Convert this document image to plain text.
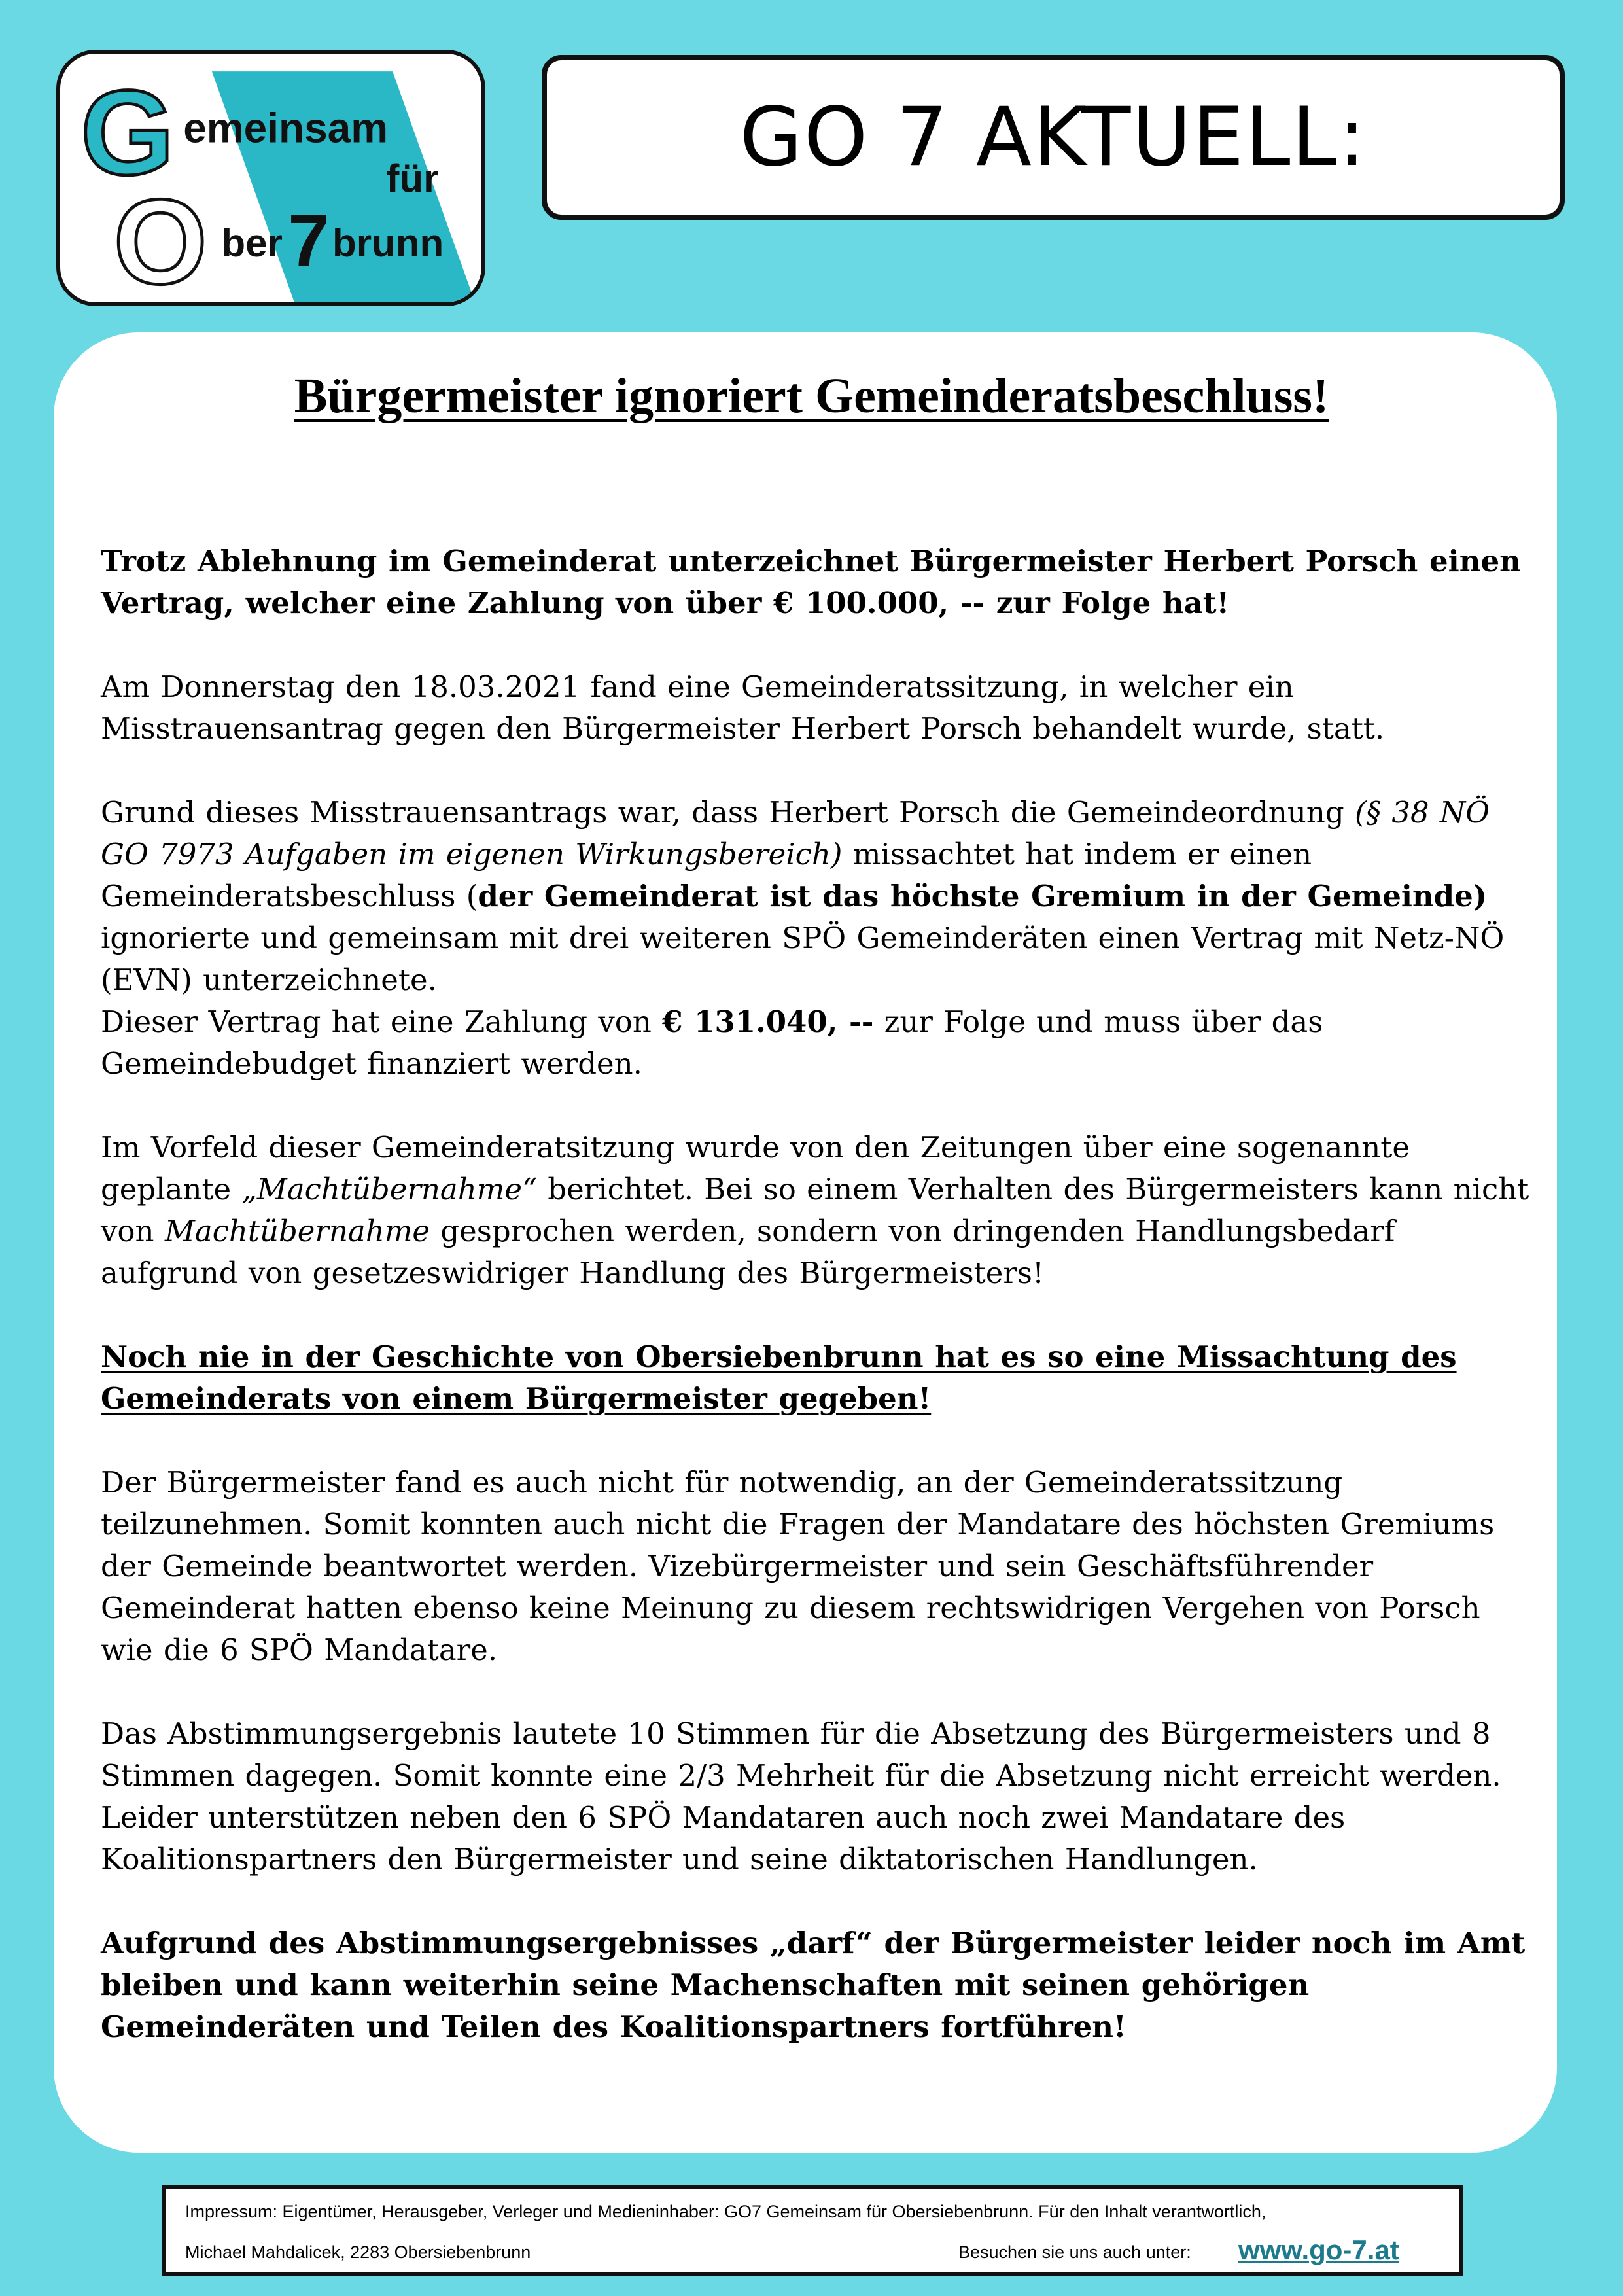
G
O
emeinsam
für
ber 7 brunn
GO 7 AKTUELL:
Bürgermeister ignoriert Gemeinderatsbeschluss!

Trotz Ablehnung im Gemeinderat unterzeichnet Bürgermeister Herbert Porsch einen Vertrag, welcher eine Zahlung von über € 100.000, -- zur Folge hat!

Am Donnerstag den 18.03.2021 fand eine Gemeinderatssitzung, in welcher ein Misstrauensantrag gegen den Bürgermeister Herbert Porsch behandelt wurde, statt.

Grund dieses Misstrauensantrags war, dass Herbert Porsch die Gemeindeordnung (§ 38 NÖ GO 7973 Aufgaben im eigenen Wirkungsbereich) missachtet hat indem er einen Gemeinderatsbeschluss (der Gemeinderat ist das höchste Gremium in der Gemeinde) ignorierte und gemeinsam mit drei weiteren SPÖ Gemeinderäten einen Vertrag mit Netz-NÖ (EVN) unterzeichnete.

Dieser Vertrag hat eine Zahlung von € 131.040, -- zur Folge und muss über das Gemeindebudget finanziert werden.

Im Vorfeld dieser Gemeinderatsitzung wurde von den Zeitungen über eine sogenannte geplante „Machtübernahme“ berichtet. Bei so einem Verhalten des Bürgermeisters kann nicht von Machtübernahme gesprochen werden, sondern von dringenden Handlungsbedarf aufgrund von gesetzeswidriger Handlung des Bürgermeisters!

Noch nie in der Geschichte von Obersiebenbrunn hat es so eine Missachtung des Gemeinderats von einem Bürgermeister gegeben!

Der Bürgermeister fand es auch nicht für notwendig, an der Gemeinderatssitzung teilzunehmen. Somit konnten auch nicht die Fragen der Mandatare des höchsten Gremiums der Gemeinde beantwortet werden. Vizebürgermeister und sein Geschäftsführender Gemeinderat hatten ebenso keine Meinung zu diesem rechtswidrigen Vergehen von Porsch wie die 6 SPÖ Mandatare.

Das Abstimmungsergebnis lautete 10 Stimmen für die Absetzung des Bürgermeisters und 8 Stimmen dagegen. Somit konnte eine 2/3 Mehrheit für die Absetzung nicht erreicht werden. Leider unterstützen neben den 6 SPÖ Mandataren auch noch zwei Mandatare des Koalitionspartners den Bürgermeister und seine diktatorischen Handlungen.

Aufgrund des Abstimmungsergebnisses „darf“ der Bürgermeister leider noch im Amt bleiben und kann weiterhin seine Machenschaften mit seinen gehörigen Gemeinderäten und Teilen des Koalitionspartners fortführen!

Impressum: Eigentümer, Herausgeber, Verleger und Medieninhaber: GO7 Gemeinsam für Obersiebenbrunn. Für den Inhalt verantwortlich,
Michael Mahdalicek, 2283 Obersiebenbrunn	Besuchen sie uns auch unter: www.go-7.at
